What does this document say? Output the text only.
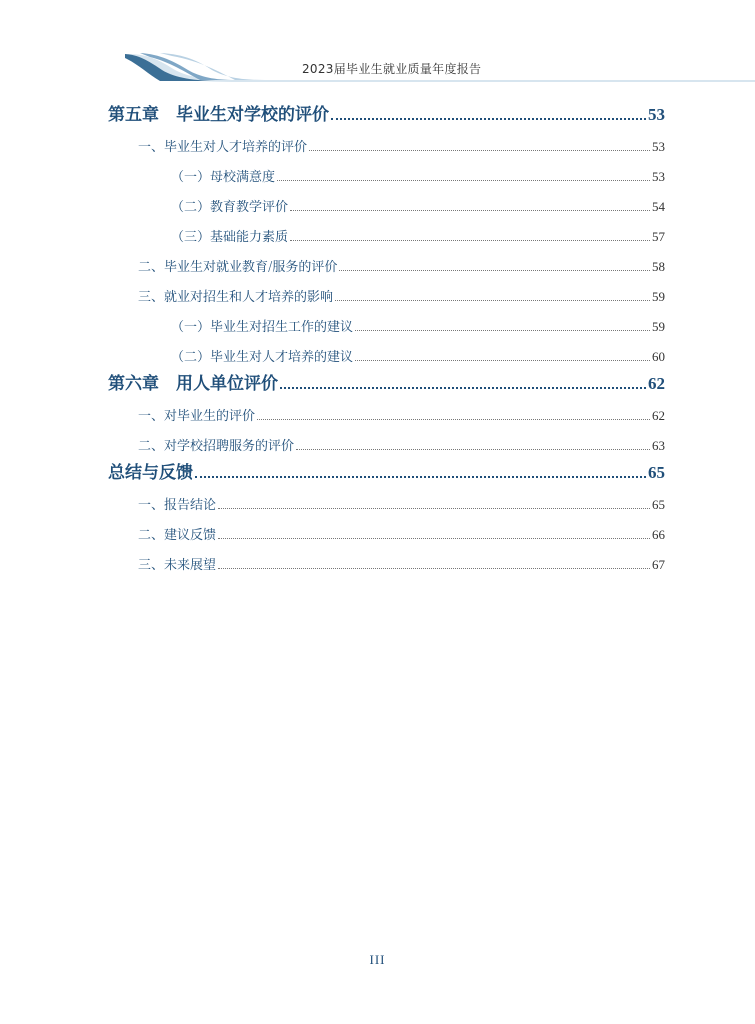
2023届毕业生就业质量年度报告
第五章　毕业生对学校的评价	53
一、毕业生对人才培养的评价	53
（一）母校满意度	53
（二）教育教学评价	54
（三）基础能力素质	57
二、毕业生对就业教育/服务的评价	58
三、就业对招生和人才培养的影响	59
（一）毕业生对招生工作的建议	59
（二）毕业生对人才培养的建议	60
第六章　用人单位评价	62
一、对毕业生的评价	62
二、对学校招聘服务的评价	63
总结与反馈	65
一、报告结论	65
二、建议反馈	66
三、未来展望	67
III
